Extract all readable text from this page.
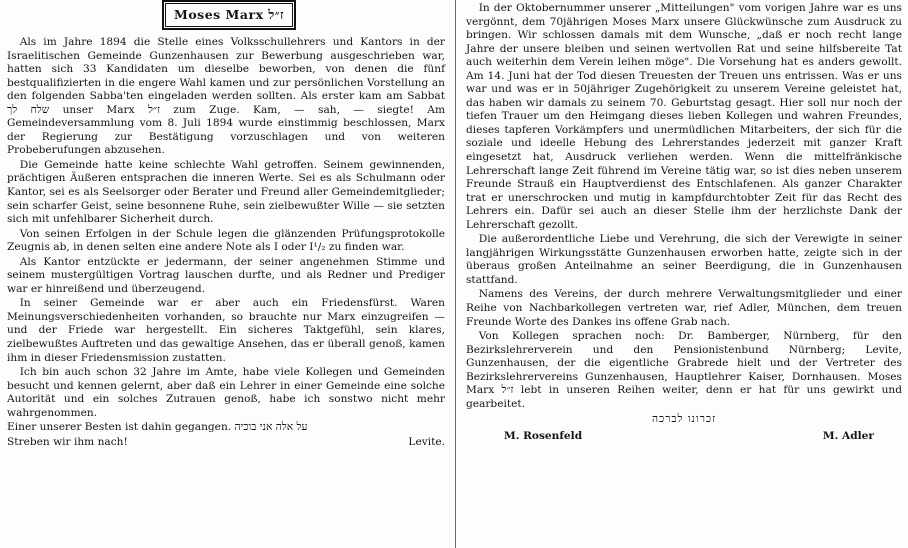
Moses Marx ז״ל

Als im Jahre 1894 die Stelle eines Volksschullehrers und Kantors in der Israelitischen Gemeinde Gunzenhausen zur Bewerbung ausgeschrieben war, hatten sich 33 Kandidaten um dieselbe beworben, von denen die fünf bestqualifizierten in die engere Wahl kamen und zur persönlichen Vorstellung an den folgenden Sabba'ten eingeladen werden sollten. Als erster kam am Sabbat שלח לך unser Marx ז״ל zum Zuge. Kam, — sah, — siegte! Am Gemeindeversammlung vom 8. Juli 1894 wurde einstimmig beschlossen, Marx der Regierung zur Bestätigung vorzuschlagen und von weiteren Probeberufungen abzusehen.

Die Gemeinde hatte keine schlechte Wahl getroffen. Seinem gewinnenden, prächtigen Äußeren entsprachen die inneren Werte. Sei es als Schulmann oder Kantor, sei es als Seelsorger oder Berater und Freund aller Gemeindemitglieder; sein scharfer Geist, seine besonnene Ruhe, sein zielbewußter Wille — sie setzten sich mit unfehlbarer Sicherheit durch.

Von seinen Erfolgen in der Schule legen die glänzenden Prüfungsprotokolle Zeugnis ab, in denen selten eine andere Note als I oder I¹/₂ zu finden war.

Als Kantor entzückte er jedermann, der seiner angenehmen Stimme und seinem mustergültigen Vortrag lauschen durfte, und als Redner und Prediger war er hinreißend und überzeugend.

In seiner Gemeinde war er aber auch ein Friedensfürst. Waren Meinungsverschiedenheiten vorhanden, so brauchte nur Marx einzugreifen — und der Friede war hergestellt. Ein sicheres Taktgefühl, sein klares, zielbewußtes Auftreten und das gewaltige Ansehen, das er überall genoß, kamen ihm in dieser Friedensmission zustatten.

Ich bin auch schon 32 Jahre im Amte, habe viele Kollegen und Gemeinden besucht und kennen gelernt, aber daß ein Lehrer in einer Gemeinde eine solche Autorität und ein solches Zutrauen genoß, habe ich sonstwo nicht mehr wahrgenommen.

Einer unserer Besten ist dahin gegangen. על אלה אני בוכיה

Streben wir ihm nach!	Levite.

In der Oktobernummer unserer „Mitteilungen" vom vorigen Jahre war es uns vergönnt, dem 70jährigen Moses Marx unsere Glückwünsche zum Ausdruck zu bringen. Wir schlossen damals mit dem Wunsche, „daß er noch recht lange Jahre der unsere bleiben und seinen wertvollen Rat und seine hilfsbereite Tat auch weiterhin dem Verein leihen möge". Die Vorsehung hat es anders gewollt. Am 14. Juni hat der Tod diesen Treuesten der Treuen uns entrissen. Was er uns war und was er in 50jähriger Zugehörigkeit zu unserem Vereine geleistet hat, das haben wir damals zu seinem 70. Geburtstag gesagt. Hier soll nur noch der tiefen Trauer um den Heimgang dieses lieben Kollegen und wahren Freundes, dieses tapferen Vorkämpfers und unermüdlichen Mitarbeiters, der sich für die soziale und ideelle Hebung des Lehrerstandes jederzeit mit ganzer Kraft eingesetzt hat, Ausdruck verliehen werden. Wenn die mittelfränkische Lehrerschaft lange Zeit führend im Vereine tätig war, so ist dies neben unserem Freunde Strauß ein Hauptverdienst des Entschlafenen. Als ganzer Charakter trat er unerschrocken und mutig in kampfdurchtobter Zeit für das Recht des Lehrers ein. Dafür sei auch an dieser Stelle ihm der herzlichste Dank der Lehrerschaft gezollt.

Die außerordentliche Liebe und Verehrung, die sich der Verewigte in seiner langjährigen Wirkungsstätte Gunzenhausen erworben hatte, zeigte sich in der überaus großen Anteilnahme an seiner Beerdigung, die in Gunzenhausen stattfand.

Namens des Vereins, der durch mehrere Verwaltungsmitglieder und einer Reihe von Nachbarkollegen vertreten war, rief Adler, München, dem treuen Freunde Worte des Dankes ins offene Grab nach.

Von Kollegen sprachen noch: Dr. Bamberger, Nürnberg, für den Bezirkslehrerverein und den Pensionistenbund Nürnberg; Levite, Gunzenhausen, der die eigentliche Grabrede hielt und der Vertreter des Bezirkslehrervereins Gunzenhausen, Hauptlehrer Kaiser, Dornhausen. Moses Marx ז״ל lebt in unseren Reihen weiter, denn er hat für uns gewirkt und gearbeitet.

זכרונו לברכה
M. Rosenfeld	M. Adler
